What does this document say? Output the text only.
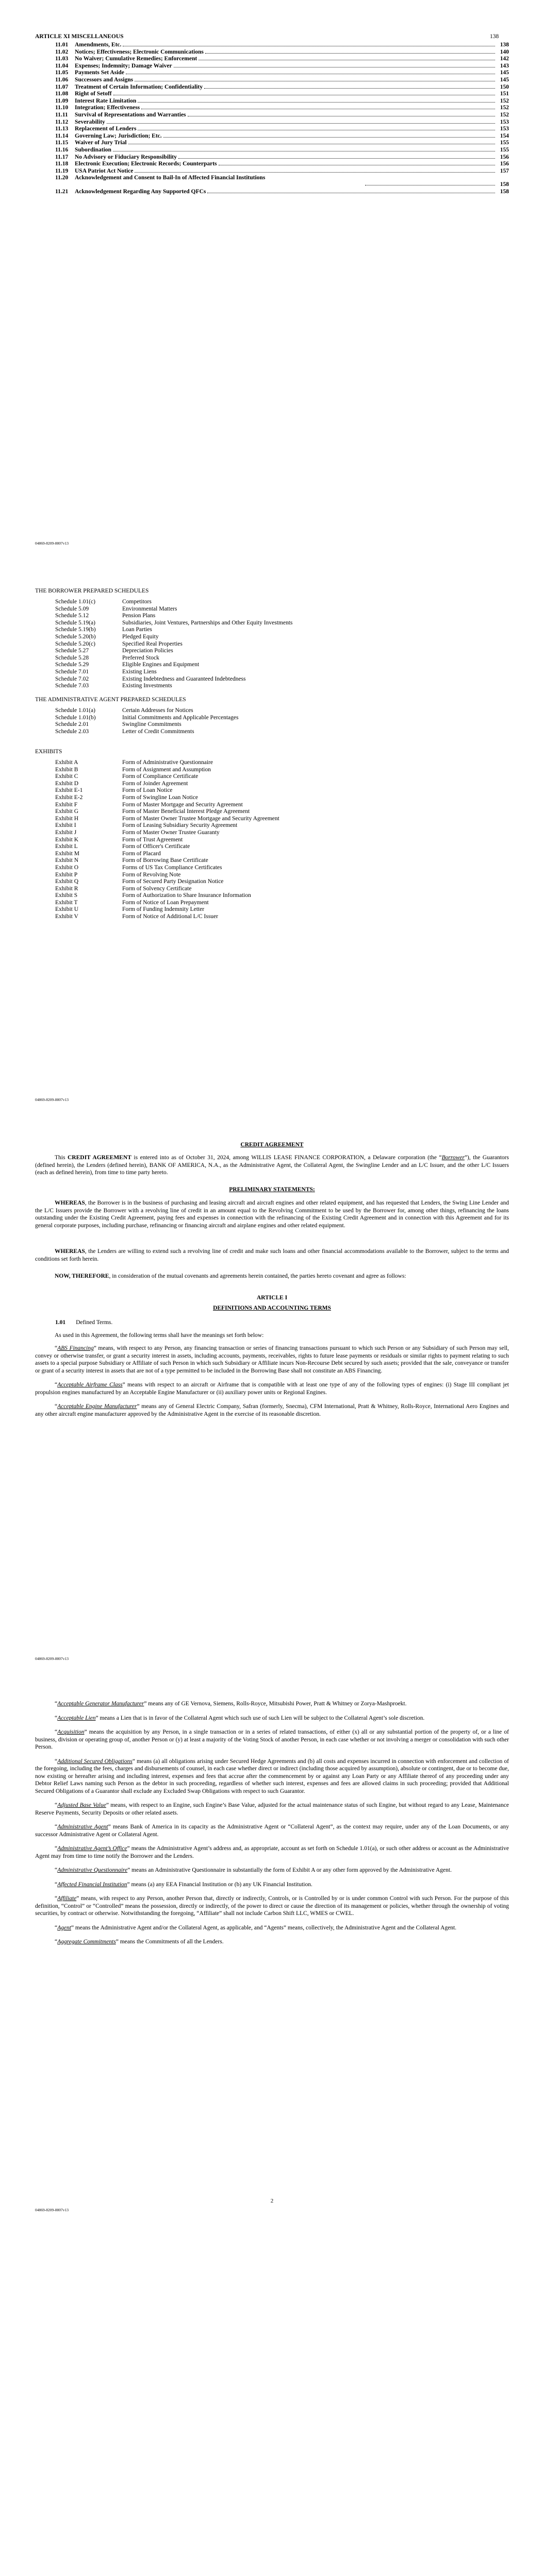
ARTICLE XI MISCELLANEOUS	138
11.01	Amendments, Etc.	138
11.02	Notices; Effectiveness; Electronic Communications	140
11.03	No Waiver; Cumulative Remedies; Enforcement	142
11.04	Expenses; Indemnity; Damage Waiver	143
11.05	Payments Set Aside	145
11.06	Successors and Assigns	145
11.07	Treatment of Certain Information; Confidentiality	150
11.08	Right of Setoff	151
11.09	Interest Rate Limitation	152
11.10	Integration; Effectiveness	152
11.11	Survival of Representations and Warranties	152
11.12	Severability	153
11.13	Replacement of Lenders	153
11.14	Governing Law; Jurisdiction; Etc.	154
11.15	Waiver of Jury Trial	155
11.16	Subordination	155
11.17	No Advisory or Fiduciary Responsibility	156
11.18	Electronic Execution; Electronic Records; Counterparts	156
11.19	USA Patriot Act Notice	157
11.20	Acknowledgement and Consent to Bail-In of Affected Financial Institutions
158
11.21	Acknowledgement Regarding Any Supported QFCs	158
04869-8209-8807v13
THE BORROWER PREPARED SCHEDULES
Schedule 1.01(c)	Competitors
Schedule 5.09	Environmental Matters
Schedule 5.12	Pension Plans
Schedule 5.19(a)	Subsidiaries, Joint Ventures, Partnerships and Other Equity Investments
Schedule 5.19(b)	Loan Parties
Schedule 5.20(b)	Pledged Equity
Schedule 5.20(c)	Specified Real Properties
Schedule 5.27	Depreciation Policies
Schedule 5.28	Preferred Stock
Schedule 5.29	Eligible Engines and Equipment
Schedule 7.01	Existing Liens
Schedule 7.02	Existing Indebtedness and Guaranteed Indebtedness
Schedule 7.03	Existing Investments
THE ADMINISTRATIVE AGENT PREPARED SCHEDULES
Schedule 1.01(a)	Certain Addresses for Notices
Schedule 1.01(b)	Initial Commitments and Applicable Percentages
Schedule 2.01	Swingline Commitments
Schedule 2.03	Letter of Credit Commitments
EXHIBITS
Exhibit A	Form of Administrative Questionnaire
Exhibit B	Form of Assignment and Assumption
Exhibit C	Form of Compliance Certificate
Exhibit D	Form of Joinder Agreement
Exhibit E-1	Form of Loan Notice
Exhibit E-2	Form of Swingline Loan Notice
Exhibit F	Form of Master Mortgage and Security Agreement
Exhibit G	Form of Master Beneficial Interest Pledge Agreement
Exhibit H	Form of Master Owner Trustee Mortgage and Security Agreement
Exhibit I	Form of Leasing Subsidiary Security Agreement
Exhibit J	Form of Master Owner Trustee Guaranty
Exhibit K	Form of Trust Agreement
Exhibit L	Form of Officer's Certificate
Exhibit M	Form of Placard
Exhibit N	Form of Borrowing Base Certificate
Exhibit O	Forms of US Tax Compliance Certificates
Exhibit P	Form of Revolving Note
Exhibit Q	Form of Secured Party Designation Notice
Exhibit R	Form of Solvency Certificate
Exhibit S	Form of Authorization to Share Insurance Information
Exhibit T	Form of Notice of Loan Prepayment
Exhibit U	Form of Funding Indemnity Letter
Exhibit V	Form of Notice of Additional L/C Issuer
04869-8209-8807v13
CREDIT AGREEMENT
This CREDIT AGREEMENT is entered into as of October 31, 2024, among WILLIS LEASE FINANCE CORPORATION, a Delaware corporation (the “Borrower”), the Guarantors (defined herein), the Lenders (defined herein), BANK OF AMERICA, N.A., as the Administrative Agent, the Collateral Agent, the Swingline Lender and an L/C Issuer, and the other L/C Issuers (each as defined herein), from time to time party hereto.
PRELIMINARY STATEMENTS:
WHEREAS, the Borrower is in the business of purchasing and leasing aircraft and aircraft engines and other related equipment, and has requested that Lenders, the Swing Line Lender and the L/C Issuers provide the Borrower with a revolving line of credit in an amount equal to the Revolving Commitment to be used by the Borrower for, among other things, refinancing the loans outstanding under the Existing Credit Agreement, paying fees and expenses in connection with the refinancing of the Existing Credit Agreement and in connection with this Agreement and for its general corporate purposes, including purchase, refinancing or financing aircraft and airplane engines and other related equipment.
WHEREAS, the Lenders are willing to extend such a revolving line of credit and make such loans and other financial accommodations available to the Borrower, subject to the terms and conditions set forth herein.
NOW, THEREFORE, in consideration of the mutual covenants and agreements herein contained, the parties hereto covenant and agree as follows:
ARTICLE I
DEFINITIONS AND ACCOUNTING TERMS
1.01 Defined Terms.
As used in this Agreement, the following terms shall have the meanings set forth below:
“ABS Financing” means, with respect to any Person, any financing transaction or series of financing transactions pursuant to which such Person or any Subsidiary of such Person may sell, convey or otherwise transfer, or grant a security interest in assets, including accounts, payments, receivables, rights to future lease payments or residuals or similar rights to payment relating to such assets to a special purpose Subsidiary or Affiliate of such Person in which such Subsidiary or Affiliate incurs Non-Recourse Debt secured by such assets; provided that the sale, conveyance or transfer or grant of a security interest in assets that are not of a type permitted to be included in the Borrowing Base shall not constitute an ABS Financing.
“Acceptable Airframe Class” means with respect to an aircraft or Airframe that is compatible with at least one type of any of the following types of engines: (i) Stage III compliant jet propulsion engines manufactured by an Acceptable Engine Manufacturer or (ii) auxiliary power units or Regional Engines.
“Acceptable Engine Manufacturer” means any of General Electric Company, Safran (formerly, Snecma), CFM International, Pratt & Whitney, Rolls-Royce, International Aero Engines and any other aircraft engine manufacturer approved by the Administrative Agent in the exercise of its reasonable discretion.
04869-8209-8807v13
“Acceptable Generator Manufacturer” means any of GE Vernova, Siemens, Rolls-Royce, Mitsubishi Power, Pratt & Whitney or Zorya-Mashproekt.
“Acceptable Lien” means a Lien that is in favor of the Collateral Agent which such use of such Lien will be subject to the Collateral Agent’s sole discretion.
“Acquisition” means the acquisition by any Person, in a single transaction or in a series of related transactions, of either (x) all or any substantial portion of the property of, or a line of business, division or operating group of, another Person or (y) at least a majority of the Voting Stock of another Person, in each case whether or not involving a merger or consolidation with such other Person.
“Additional Secured Obligations” means (a) all obligations arising under Secured Hedge Agreements and (b) all costs and expenses incurred in connection with enforcement and collection of the foregoing, including the fees, charges and disbursements of counsel, in each case whether direct or indirect (including those acquired by assumption), absolute or contingent, due or to become due, now existing or hereafter arising and including interest, expenses and fees that accrue after the commencement by or against any Loan Party or any Affiliate thereof of any proceeding under any Debtor Relief Laws naming such Person as the debtor in such proceeding, regardless of whether such interest, expenses and fees are allowed claims in such proceeding; provided that Additional Secured Obligations of a Guarantor shall exclude any Excluded Swap Obligations with respect to such Guarantor.
“Adjusted Base Value” means, with respect to an Engine, such Engine’s Base Value, adjusted for the actual maintenance status of such Engine, but without regard to any Lease, Maintenance Reserve Payments, Security Deposits or other related assets.
“Administrative Agent” means Bank of America in its capacity as the Administrative Agent or “Collateral Agent”, as the context may require, under any of the Loan Documents, or any successor Administrative Agent or Collateral Agent.
“Administrative Agent’s Office” means the Administrative Agent’s address and, as appropriate, account as set forth on Schedule 1.01(a), or such other address or account as the Administrative Agent may from time to time notify the Borrower and the Lenders.
“Administrative Questionnaire” means an Administrative Questionnaire in substantially the form of Exhibit A or any other form approved by the Administrative Agent.
“Affected Financial Institution” means (a) any EEA Financial Institution or (b) any UK Financial Institution.
“Affiliate” means, with respect to any Person, another Person that, directly or indirectly, Controls, or is Controlled by or is under common Control with such Person. For the purpose of this definition, “Control” or “Controlled” means the possession, directly or indirectly, of the power to direct or cause the direction of its management or policies, whether through the ownership of voting securities, by contract or otherwise. Notwithstanding the foregoing, “Affiliate” shall not include Carbon Shift LLC, WMES or CWEL.
“Agent” means the Administrative Agent and/or the Collateral Agent, as applicable, and “Agents” means, collectively, the Administrative Agent and the Collateral Agent.
“Aggregate Commitments” means the Commitments of all the Lenders.
2
04869-8209-8807v13
